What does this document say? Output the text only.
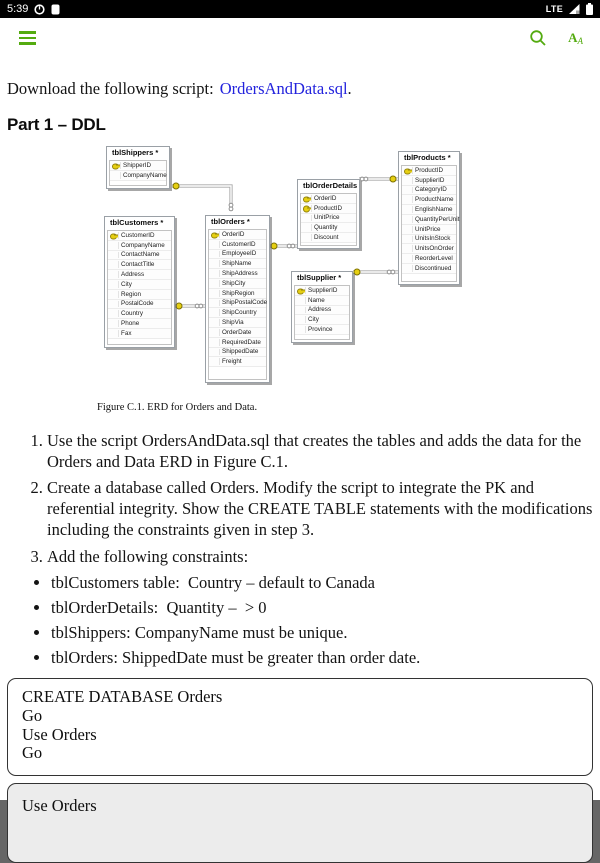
5:39	LTE
AA

Download the following script: OrdersAndData.sql.

Part 1 – DDL
tblShippers *
ShipperID
CompanyName
tblCustomers *
CustomerID
CompanyName
ContactName
ContactTitle
Address
City
Region
PostalCode
Country
Phone
Fax
tblOrders *
OrderID
CustomerID
EmployeeID
ShipName
ShipAddress
ShipCity
ShipRegion
ShipPostalCode
ShipCountry
ShipVia
OrderDate
RequiredDate
ShippedDate
Freight
tblOrderDetails
OrderID
ProductID
UnitPrice
Quantity
Discount
tblSupplier *
SupplierID
Name
Address
City
Province
tblProducts *
ProductID
SupplierID
CategoryID
ProductName
EnglishName
QuantityPerUnit
UnitPrice
UnitsInStock
UnitsOnOrder
ReorderLevel
Discontinued
Figure C.1. ERD for Orders and Data.
1. Use the script OrdersAndData.sql that creates the tables and adds the data for the Orders and Data ERD in Figure C.1.
2. Create a database called Orders. Modify the script to integrate the PK and referential integrity. Show the CREATE TABLE statements with the modifications including the constraints given in step 3.
3. Add the following constraints:
• tblCustomers table:  Country – default to Canada
• tblOrderDetails:  Quantity –  > 0
• tblShippers: CompanyName must be unique.
• tblOrders: ShippedDate must be greater than order date.
CREATE DATABASE Orders
Go
Use Orders
Go
Use Orders
